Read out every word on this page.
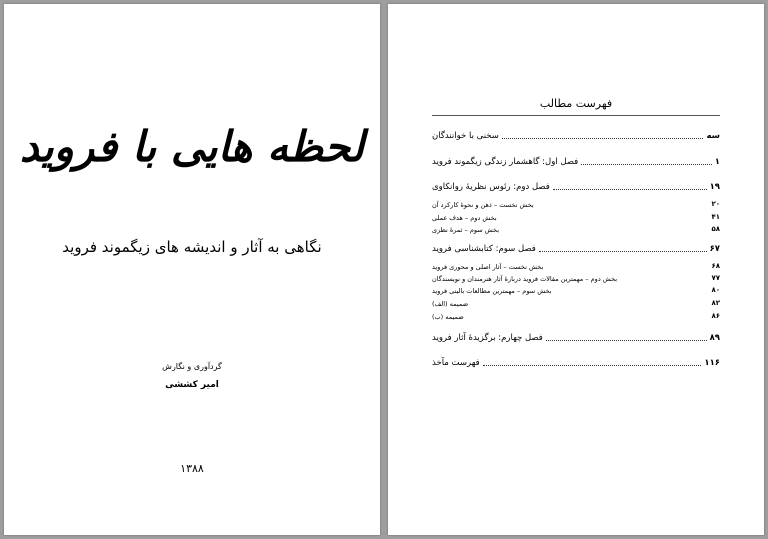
لحظه هایی با فروید
نگاهی به آثار و اندیشه های زیگموند فروید
گردآوری و نگارش
امیر کششی
۱۳۸۸
فهرست مطالب
سخنی با خوانندگان	سه
فصل اول: گاهشمار زندگی زیگموند فروید	۱
فصل دوم: رئوس نظریۀ روانکاوی	۱۹
بخش نخست – ذهن و نحوۀ کارکرد آن	۲۰
بخش دوم – هدف عملی	۴۱
بخش سوم – ثمرۀ نظری	۵۸
فصل سوم: کتابشناسی فروید	۶۷
بخش نخست – آثار اصلی و محوری فروید	۶۸
بخش دوم – مهمترین مقالات فروید دربارۀ آثار هنرمندان و نویسندگان	۷۷
بخش سوم – مهمترین مطالعات بالینی فروید	۸۰
ضمیمه (الف)	۸۲
ضمیمه (ب)	۸۶
فصل چهارم: برگزیدۀ آثار فروید	۸۹
فهرست مآخذ	۱۱۶
